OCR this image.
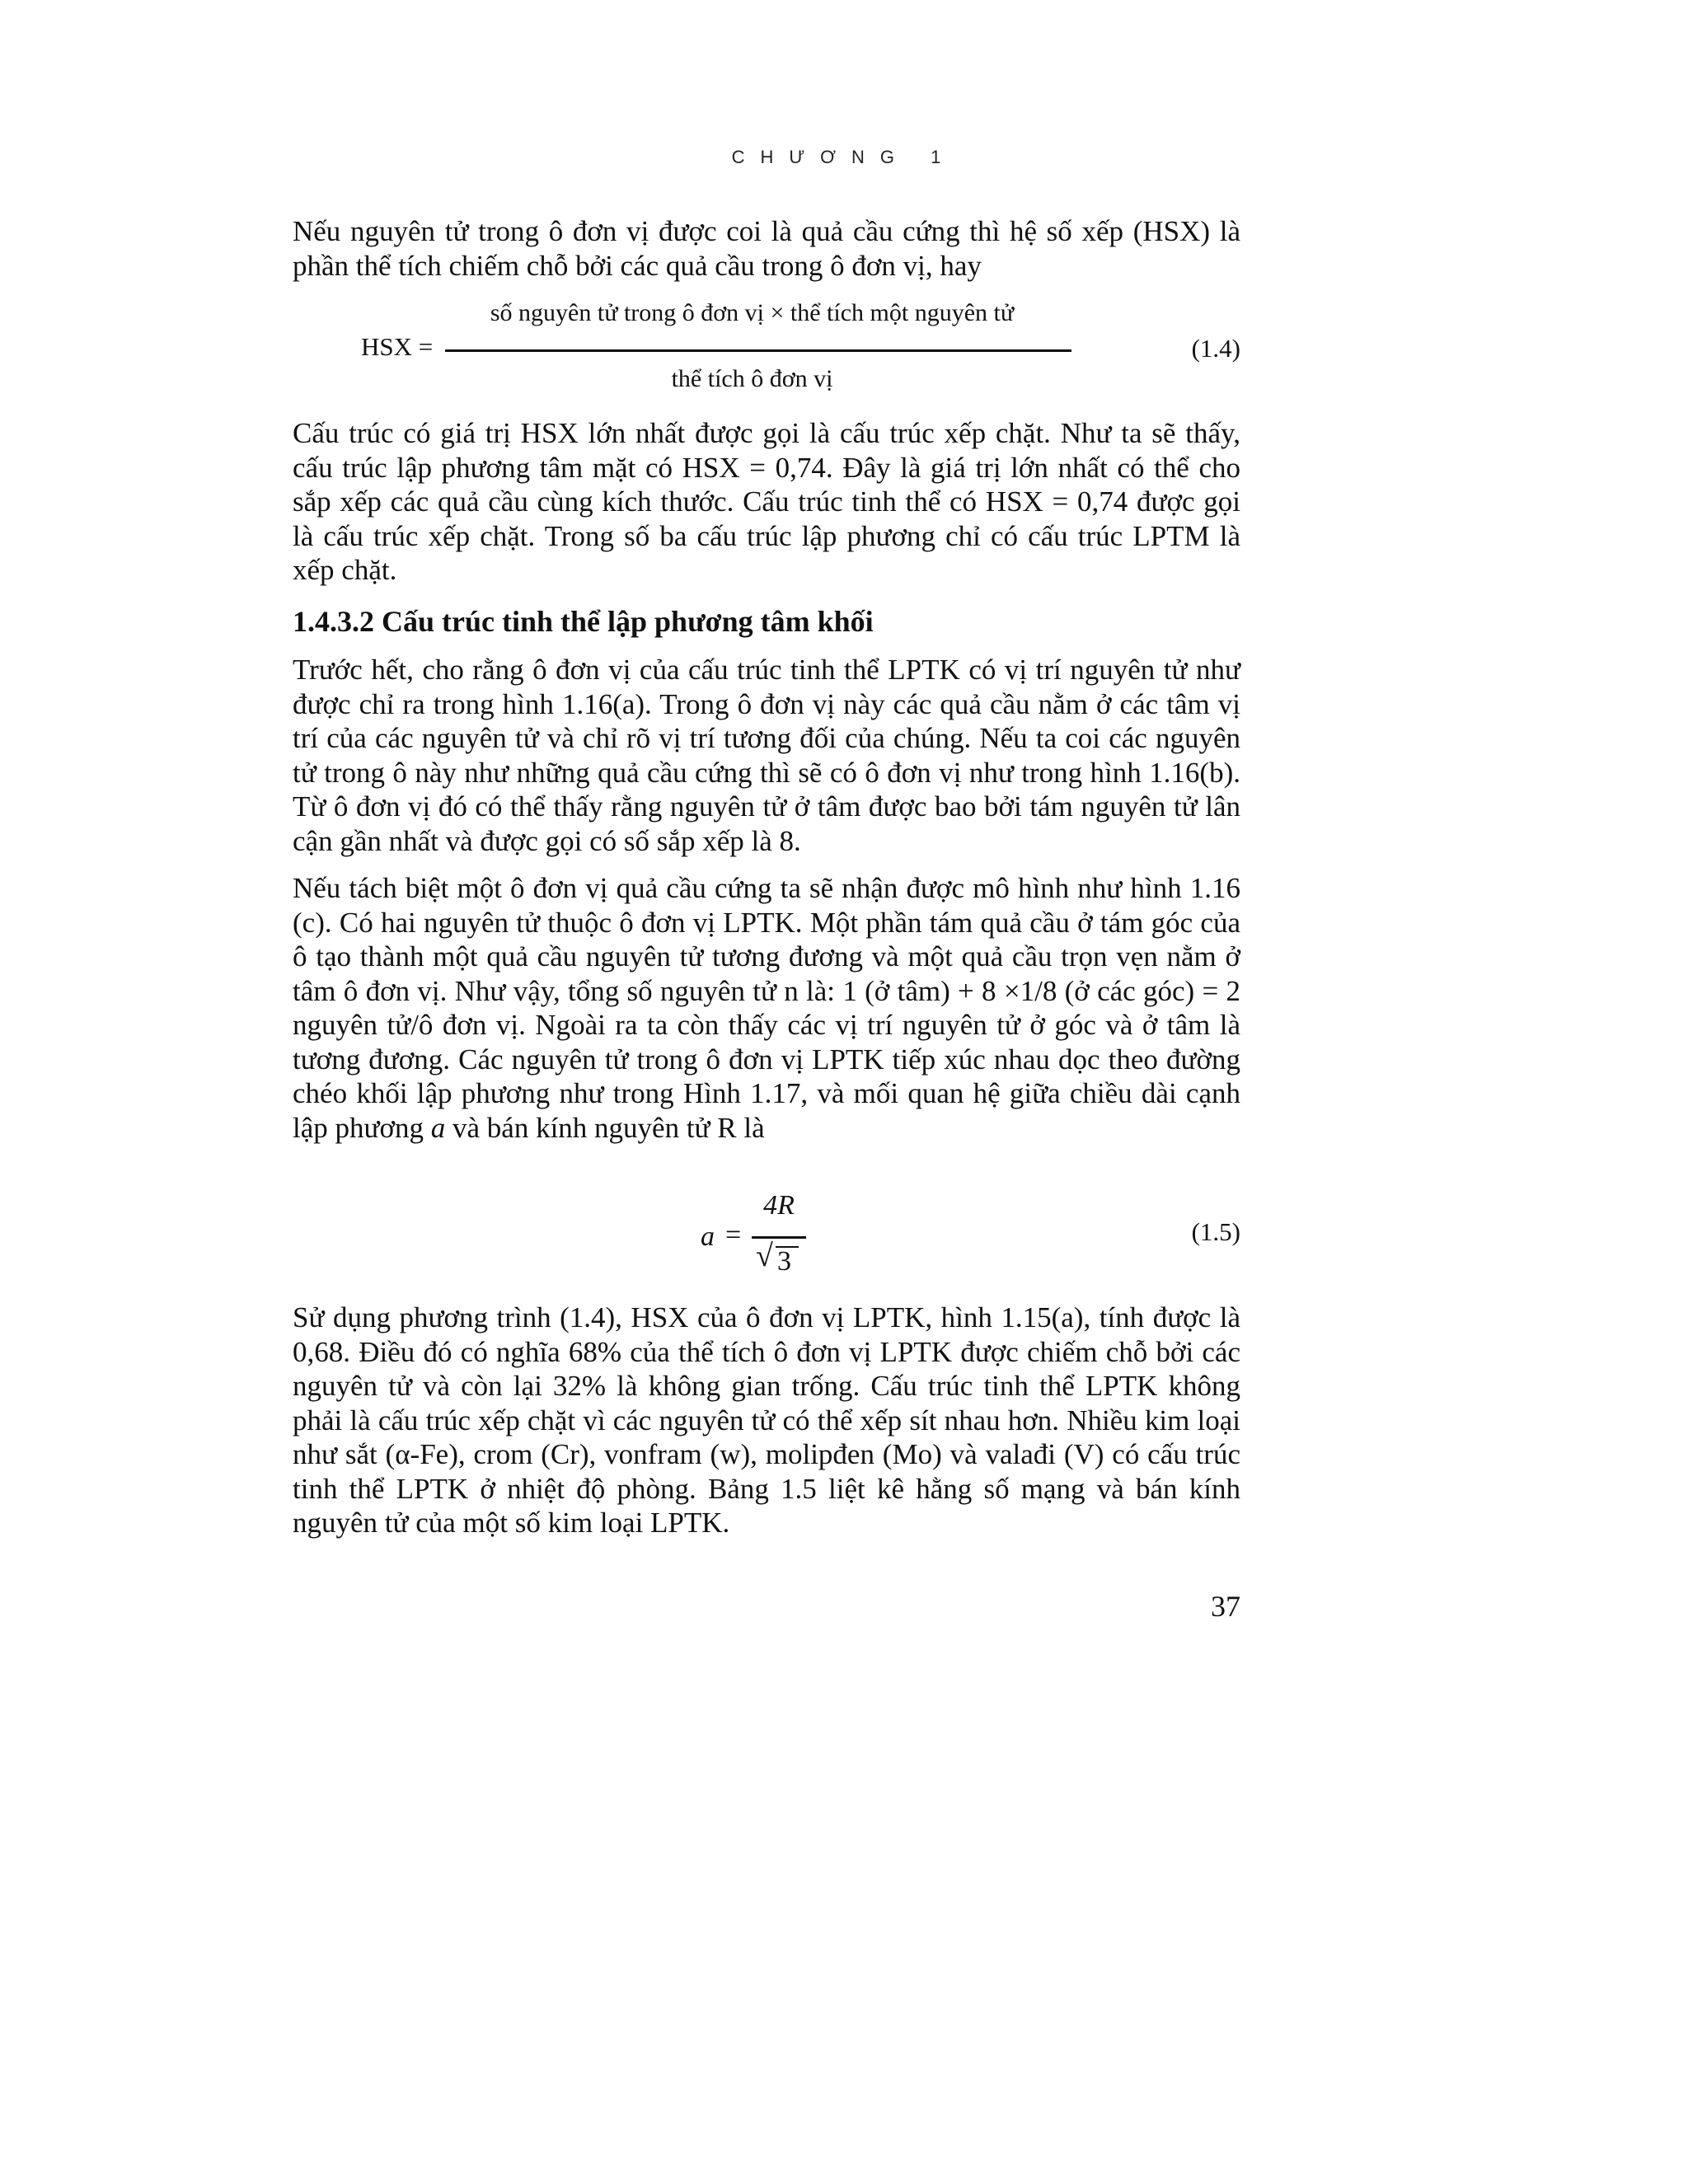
CHƯƠNG 1

Nếu nguyên tử trong ô đơn vị được coi là quả cầu cứng thì hệ số xếp (HSX) là phần thể tích chiếm chỗ bởi các quả cầu trong ô đơn vị, hay

HSX =
số nguyên tử trong ô đơn vị × thể tích một nguyên tử
thể tích ô đơn vị
(1.4)

Cấu trúc có giá trị HSX lớn nhất được gọi là cấu trúc xếp chặt. Như ta sẽ thấy, cấu trúc lập phương tâm mặt có HSX = 0,74. Đây là giá trị lớn nhất có thể cho sắp xếp các quả cầu cùng kích thước. Cấu trúc tinh thể có HSX = 0,74 được gọi là cấu trúc xếp chặt. Trong số ba cấu trúc lập phương chỉ có cấu trúc LPTM là xếp chặt.

1.4.3.2 Cấu trúc tinh thể lập phương tâm khối

Trước hết, cho rằng ô đơn vị của cấu trúc tinh thể LPTK có vị trí nguyên tử như được chỉ ra trong hình 1.16(a). Trong ô đơn vị này các quả cầu nằm ở các tâm vị trí của các nguyên tử và chỉ rõ vị trí tương đối của chúng. Nếu ta coi các nguyên tử trong ô này như những quả cầu cứng thì sẽ có ô đơn vị như trong hình 1.16(b). Từ ô đơn vị đó có thể thấy rằng nguyên tử ở tâm được bao bởi tám nguyên tử lân cận gần nhất và được gọi có số sắp xếp là 8.

Nếu tách biệt một ô đơn vị quả cầu cứng ta sẽ nhận được mô hình như hình 1.16 (c). Có hai nguyên tử thuộc ô đơn vị LPTK. Một phần tám quả cầu ở tám góc của ô tạo thành một quả cầu nguyên tử tương đương và một quả cầu trọn vẹn nằm ở tâm ô đơn vị. Như vậy, tổng số nguyên tử n là: 1 (ở tâm) + 8 ×1/8 (ở các góc) = 2 nguyên tử/ô đơn vị. Ngoài ra ta còn thấy các vị trí nguyên tử ở góc và ở tâm là tương đương. Các nguyên tử trong ô đơn vị LPTK tiếp xúc nhau dọc theo đường chéo khối lập phương như trong Hình 1.17, và mối quan hệ giữa chiều dài cạnh lập phương a và bán kính nguyên tử R là

a =
4R
√ 3
(1.5)

Sử dụng phương trình (1.4), HSX của ô đơn vị LPTK, hình 1.15(a), tính được là 0,68. Điều đó có nghĩa 68% của thể tích ô đơn vị LPTK được chiếm chỗ bởi các nguyên tử và còn lại 32% là không gian trống. Cấu trúc tinh thể LPTK không phải là cấu trúc xếp chặt vì các nguyên tử có thể xếp sít nhau hơn. Nhiều kim loại như sắt (α-Fe), crom (Cr), vonfram (w), molipđen (Mo) và valađi (V) có cấu trúc tinh thể LPTK ở nhiệt độ phòng. Bảng 1.5 liệt kê hằng số mạng và bán kính nguyên tử của một số kim loại LPTK.

37
